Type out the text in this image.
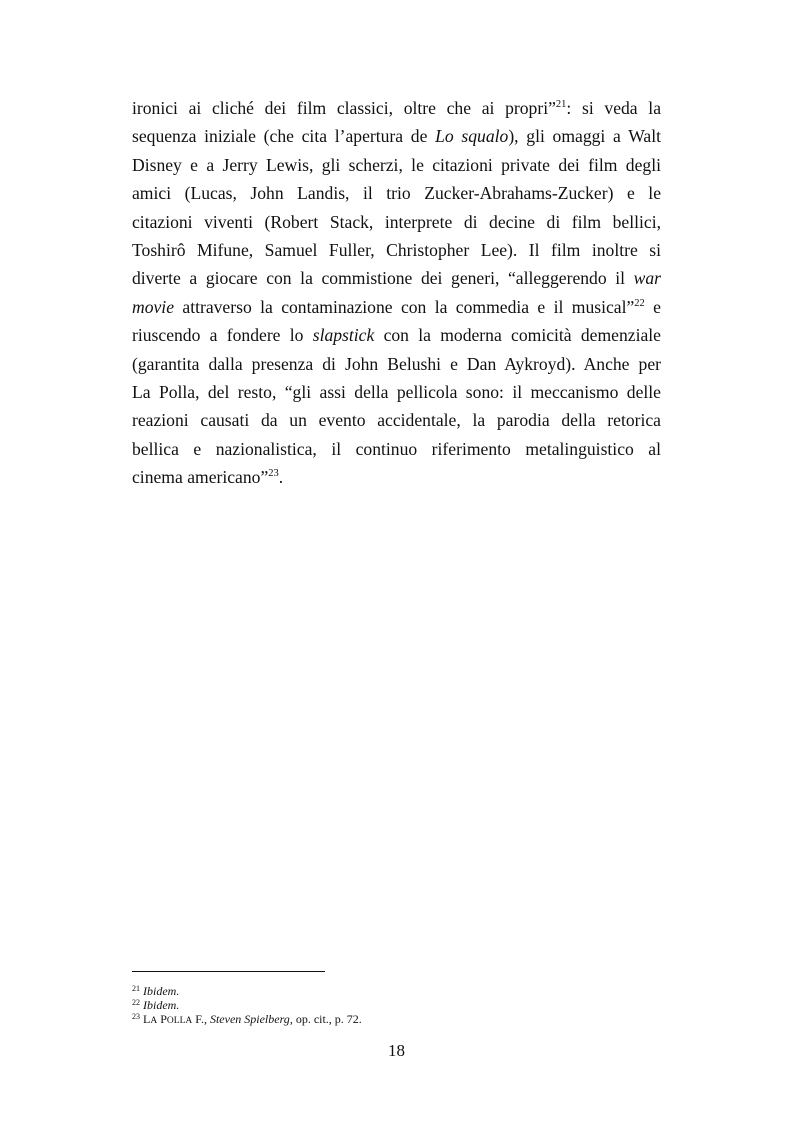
ironici ai cliché dei film classici, oltre che ai propri”$^{21}$: si veda la
sequenza iniziale (che cita l’apertura de Lo squalo), gli omaggi a Walt
Disney e a Jerry Lewis, gli scherzi, le citazioni private dei film degli
amici (Lucas, John Landis, il trio Zucker-Abrahams-Zucker) e le
citazioni viventi (Robert Stack, interprete di decine di film bellici,
Toshirô Mifune, Samuel Fuller, Christopher Lee). Il film inoltre si
diverte a giocare con la commistione dei generi, “alleggerendo il war
movie attraverso la contaminazione con la commedia e il musical”$^{22}$ e
riuscendo a fondere lo slapstick con la moderna comicità demenziale
(garantita dalla presenza di John Belushi e Dan Aykroyd). Anche per
La Polla, del resto, “gli assi della pellicola sono: il meccanismo delle
reazioni causati da un evento accidentale, la parodia della retorica
bellica e nazionalistica, il continuo riferimento metalinguistico al
cinema americano”$^{23}$.
$^{21}$ Ibidem.
$^{22}$ Ibidem.
$^{23}$ LA POLLA F., Steven Spielberg, op. cit., p. 72.
18
